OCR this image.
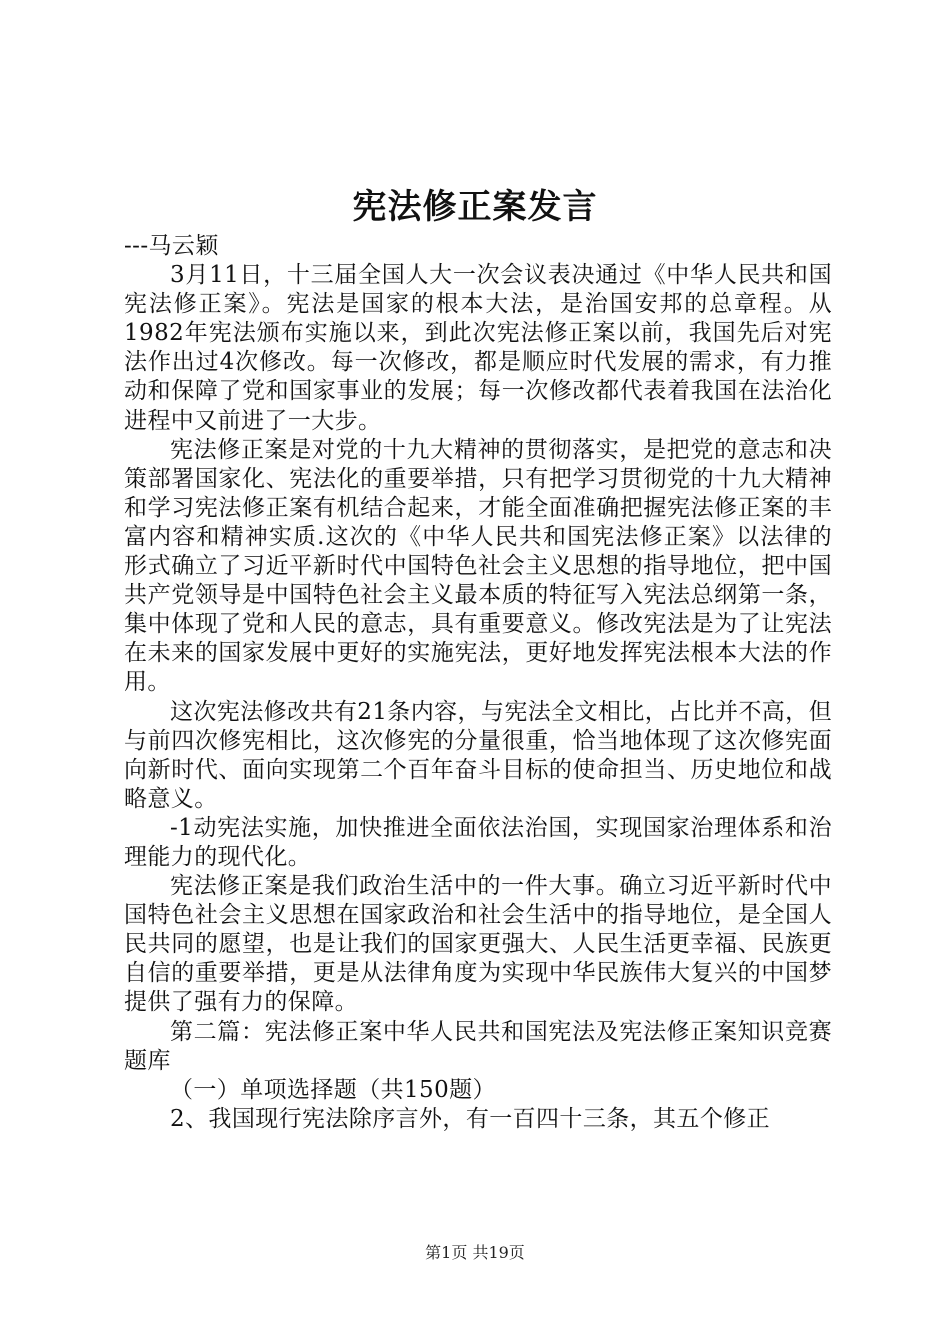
宪法修正案发言

---马云颖

3月11日，十三届全国人大一次会议表决通过《中华人民共和国宪法修正案》。宪法是国家的根本大法，是治国安邦的总章程。从1982年宪法颁布实施以来，到此次宪法修正案以前，我国先后对宪法作出过4次修改。每一次修改，都是顺应时代发展的需求，有力推动和保障了党和国家事业的发展；每一次修改都代表着我国在法治化进程中又前进了一大步。

宪法修正案是对党的十九大精神的贯彻落实，是把党的意志和决策部署国家化、宪法化的重要举措，只有把学习贯彻党的十九大精神和学习宪法修正案有机结合起来，才能全面准确把握宪法修正案的丰富内容和精神实质.这次的《中华人民共和国宪法修正案》以法律的形式确立了习近平新时代中国特色社会主义思想的指导地位，把中国共产党领导是中国特色社会主义最本质的特征写入宪法总纲第一条，集中体现了党和人民的意志，具有重要意义。修改宪法是为了让宪法在未来的国家发展中更好的实施宪法，更好地发挥宪法根本大法的作用。

这次宪法修改共有21条内容，与宪法全文相比，占比并不高，但与前四次修宪相比，这次修宪的分量很重，恰当地体现了这次修宪面向新时代、面向实现第二个百年奋斗目标的使命担当、历史地位和战略意义。

-1动宪法实施，加快推进全面依法治国，实现国家治理体系和治理能力的现代化。

宪法修正案是我们政治生活中的一件大事。确立习近平新时代中国特色社会主义思想在国家政治和社会生活中的指导地位，是全国人民共同的愿望，也是让我们的国家更强大、人民生活更幸福、民族更自信的重要举措，更是从法律角度为实现中华民族伟大复兴的中国梦提供了强有力的保障。

第二篇：宪法修正案中华人民共和国宪法及宪法修正案知识竞赛题库

（一）单项选择题（共150题）

2、我国现行宪法除序言外，有一百四十三条，其五个修正

第1页 共19页
